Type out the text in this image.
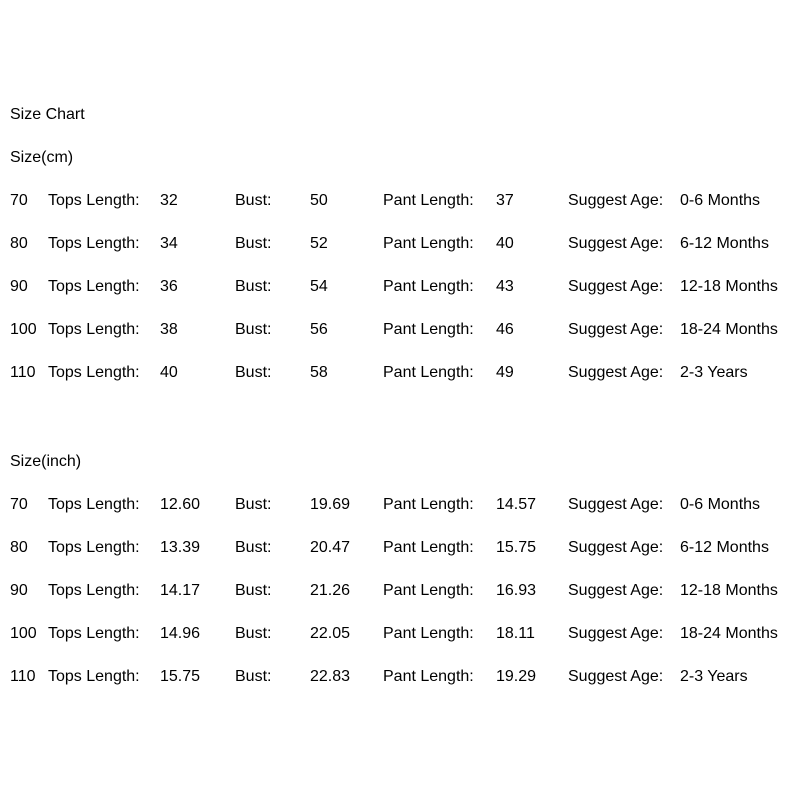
Size Chart
Size(cm)
70	Tops Length:	32	Bust:	50	Pant Length:	37	Suggest Age:	0-6 Months
80	Tops Length:	34	Bust:	52	Pant Length:	40	Suggest Age:	6-12 Months
90	Tops Length:	36	Bust:	54	Pant Length:	43	Suggest Age:	12-18 Months
100 Tops Length:	38	Bust:	56	Pant Length:	46	Suggest Age:	18-24 Months
110 Tops Length:	40	Bust:	58	Pant Length:	49	Suggest Age:	2-3 Years
Size(inch)
70	Tops Length:	12.60	Bust:	19.69	Pant Length:	14.57	Suggest Age:	0-6 Months
80	Tops Length:	13.39	Bust:	20.47	Pant Length:	15.75	Suggest Age:	6-12 Months
90	Tops Length:	14.17	Bust:	21.26	Pant Length:	16.93	Suggest Age:	12-18 Months
100 Tops Length:	14.96	Bust:	22.05	Pant Length:	18.11	Suggest Age:	18-24 Months
110 Tops Length:	15.75	Bust:	22.83	Pant Length:	19.29	Suggest Age:	2-3 Years
